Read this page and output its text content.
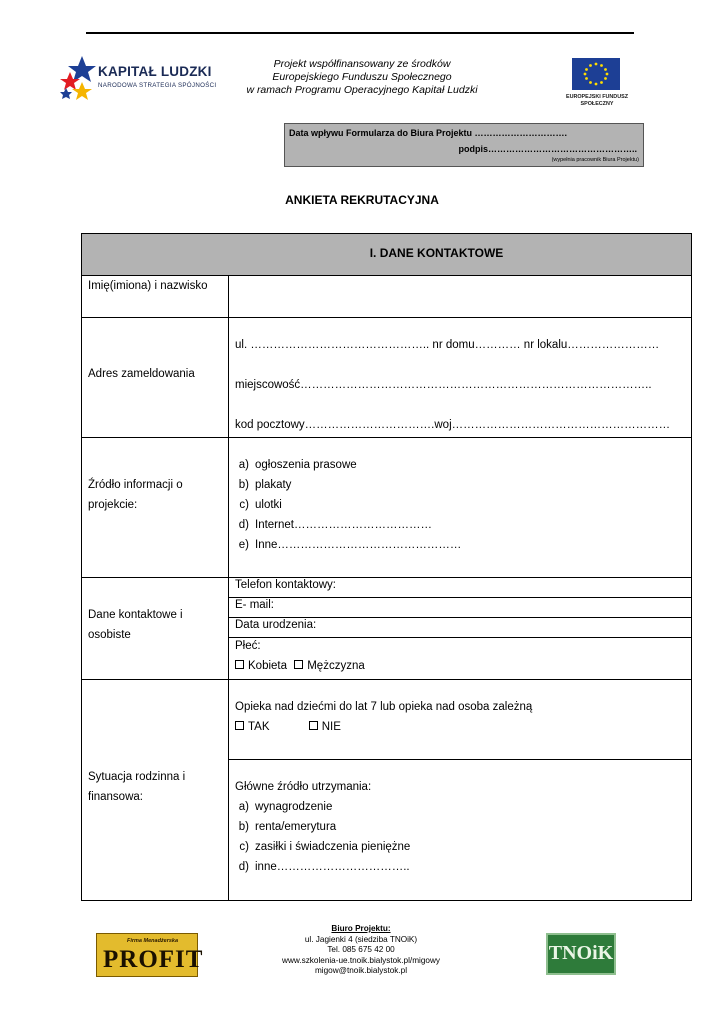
KAPITAŁ LUDZKI
NARODOWA STRATEGIA SPÓJNOŚCI
Projekt współfinansowany ze środków
Europejskiego Funduszu Społecznego
w ramach Programu Operacyjnego Kapitał Ludzki
EUROPEJSKI FUNDUSZ
SPOŁECZNY
Data wpływu Formularza do Biura Projektu ………………………….
podpis…………………………………………..
(wypełnia pracownik Biura Projektu)
ANKIETA REKRUTACYJNA
I. DANE KONTAKTOWE
Imię(imiona) i nazwisko
Adres zameldowania
ul. ……………………………………….. nr domu………… nr lokalu……………………
miejscowość………………………………………………………………………………..
kod pocztowy…………………………….woj…………………………………………………
Źródło informacji o
projekcie:
a) ogłoszenia prasowe
b) plakaty
c) ulotki
d) Internet………………………………
e) Inne…………………………………………
Dane kontaktowe i
osobiste
Telefon kontaktowy:
E- mail:
Data urodzenia:
Płeć:
Kobieta Mężczyzna
Sytuacja rodzinna i
finansowa:
Opieka nad dziećmi do lat 7 lub opieka nad osoba zależną
TAK	NIE
Główne źródło utrzymania:
a) wynagrodzenie
b) renta/emerytura
c) zasiłki i świadczenia pieniężne
d) inne……………………………..
Firma Menadżerska
PROFIT
Biuro Projektu:
ul. Jagienki 4 (siedziba TNOiK)
Tel. 085 675 42 00
www.szkolenia-ue.tnoik.bialystok.pl/migowy
migow@tnoik.bialystok.pl
TNOiK
